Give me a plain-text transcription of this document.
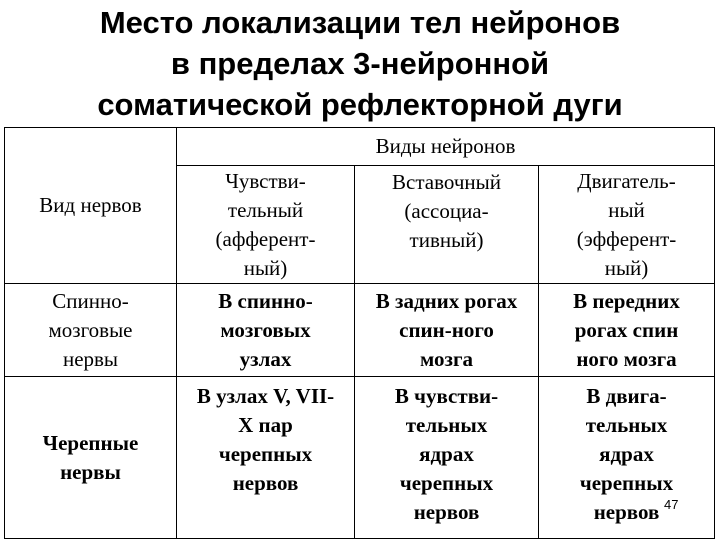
Место локализации тел нейронов
в пределах 3-нейронной
соматической рефлекторной дуги
Вид нервов	Виды нейронов		

	Чувстви-
тельный
(афферент-
ный)	Вставочный
(ассоциа-
тивный)	Двигатель-
ный
(эфферент-
ный)

Спинно-
мозговые
нервы	В спинно-
мозговых
узлах	В задних рогах
спин-ного
мозга	В передних
рогах спин
ного мозга

Черепные
нервы	В узлах V, VII-
X пар
черепных
нервов	В чувстви-
тельных
ядрах
черепных
нервов	В двига-
тельных
ядрах
черепных
нервов 47
